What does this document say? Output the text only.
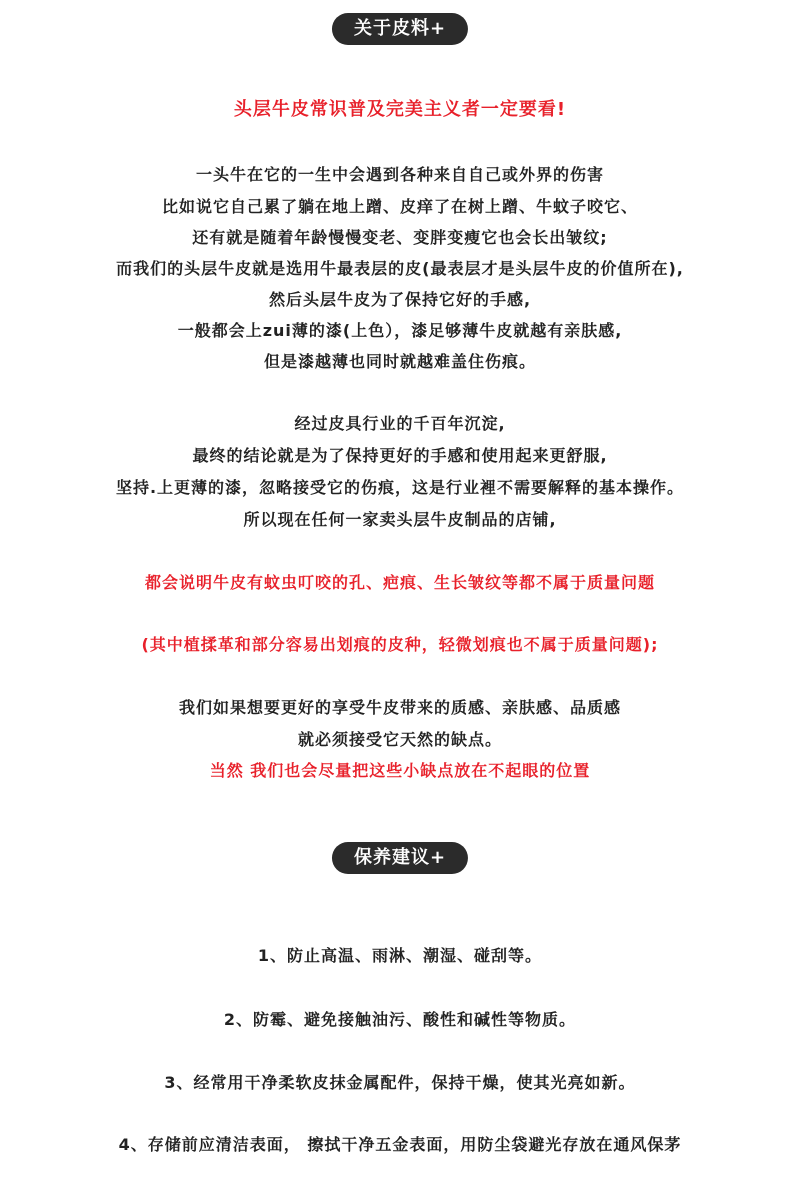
关于皮料+
头层牛皮常识普及完美主义者一定要看!
一头牛在它的一生中会遇到各种来自自己或外界的伤害
比如说它自己累了躺在地上蹭、皮痒了在树上蹭、牛蚊子咬它、
还有就是随着年龄慢慢变老、变胖变瘦它也会长出皱纹;
而我们的头层牛皮就是选用牛最表层的皮(最表层才是头层牛皮的价值所在),
然后头层牛皮为了保持它好的手感,
一般都会上zui薄的漆(上色），漆足够薄牛皮就越有亲肤感,
但是漆越薄也同时就越难盖住伤痕。
经过皮具行业的千百年沉淀,
最终的结论就是为了保持更好的手感和使用起来更舒服,
坚持.上更薄的漆，忽略接受它的伤痕，这是行业裡不需要解释的基本操作。
所以现在任何一家卖头层牛皮制品的店铺,
都会说明牛皮有蚊虫叮咬的孔、疤痕、生长皱纹等都不属于质量问题
(其中植揉革和部分容易出划痕的皮种，轻微划痕也不属于质量问题);
我们如果想要更好的享受牛皮带来的质感、亲肤感、品质感
就必须接受它天然的缺点。
当然 我们也会尽量把这些小缺点放在不起眼的位置
保养建议+
1、防止高温、雨淋、潮湿、碰刮等。
2、防霉、避免接触油污、酸性和碱性等物质。
3、经常用干净柔软皮抹金属配件，保持干燥，使其光亮如新。
4、存储前应清洁表面， 擦拭干净五金表面，用防尘袋避光存放在通风保茅
